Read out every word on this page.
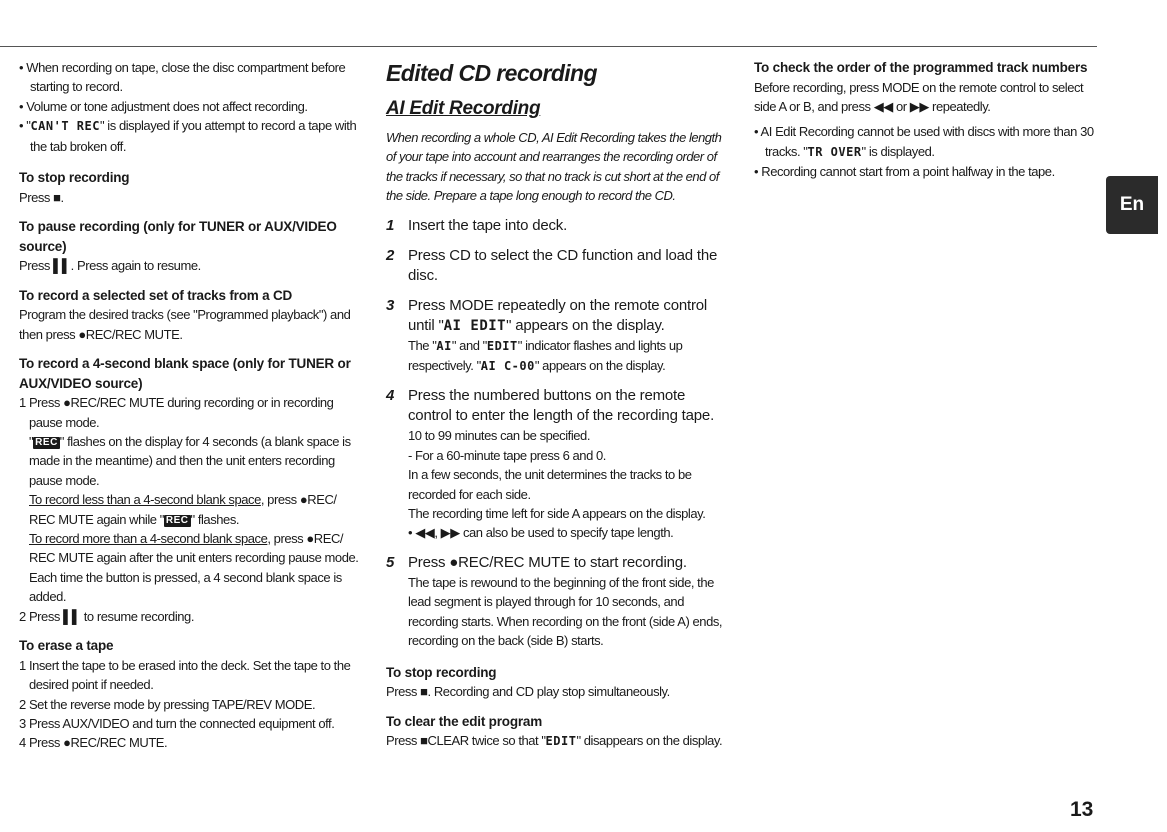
• When recording on tape, close the disc compartment before starting to record.
• Volume or tone adjustment does not affect recording.
• "CAN'T REC" is displayed if you attempt to record a tape with the tab broken off.
To stop recording
Press ■.
To pause recording (only for TUNER or AUX/VIDEO source)
Press ▌▌. Press again to resume.
To record a selected set of tracks from a CD
Program the desired tracks (see "Programmed playback") and then press ●REC/REC MUTE.
To record a 4-second blank space (only for TUNER or AUX/VIDEO source)
1 Press ●REC/REC MUTE during recording or in recording pause mode.
" REC " flashes on the display for 4 seconds (a blank space is made in the meantime) and then the unit enters recording pause mode.
To record less than a 4-second blank space, press ●REC/ REC MUTE again while " REC " flashes.
To record more than a 4-second blank space, press ●REC/ REC MUTE again after the unit enters recording pause mode. Each time the button is pressed, a 4 second blank space is added.
2 Press ▌▌ to resume recording.
To erase a tape
1 Insert the tape to be erased into the deck. Set the tape to the desired point if needed.
2 Set the reverse mode by pressing TAPE/REV MODE.
3 Press AUX/VIDEO and turn the connected equipment off.
4 Press ●REC/REC MUTE.
Edited CD recording
AI Edit Recording
When recording a whole CD, AI Edit Recording takes the length of your tape into account and rearranges the recording order of the tracks if necessary, so that no track is cut short at the end of the side. Prepare a tape long enough to record the CD.
1 Insert the tape into deck.
2 Press CD to select the CD function and load the disc.
3 Press MODE repeatedly on the remote control until "AI EDIT" appears on the display.
The "AI" and "EDIT" indicator flashes and lights up respectively. "AI C-00" appears on the display.
4 Press the numbered buttons on the remote control to enter the length of the recording tape.
10 to 99 minutes can be specified.
- For a 60-minute tape press 6 and 0.
In a few seconds, the unit determines the tracks to be recorded for each side.
The recording time left for side A appears on the display.
• ◀◀, ▶▶ can also be used to specify tape length.
5 Press ●REC/REC MUTE to start recording.
The tape is rewound to the beginning of the front side, the lead segment is played through for 10 seconds, and recording starts. When recording on the front (side A) ends, recording on the back (side B) starts.
To stop recording
Press ■. Recording and CD play stop simultaneously.
To clear the edit program
Press ■CLEAR twice so that "EDIT" disappears on the display.
To check the order of the programmed track numbers
Before recording, press MODE on the remote control to select side A or B, and press ◀◀ or ▶▶ repeatedly.
• AI Edit Recording cannot be used with discs with more than 30 tracks. "TR OVER" is displayed.
• Recording cannot start from a point halfway in the tape.
En
13
